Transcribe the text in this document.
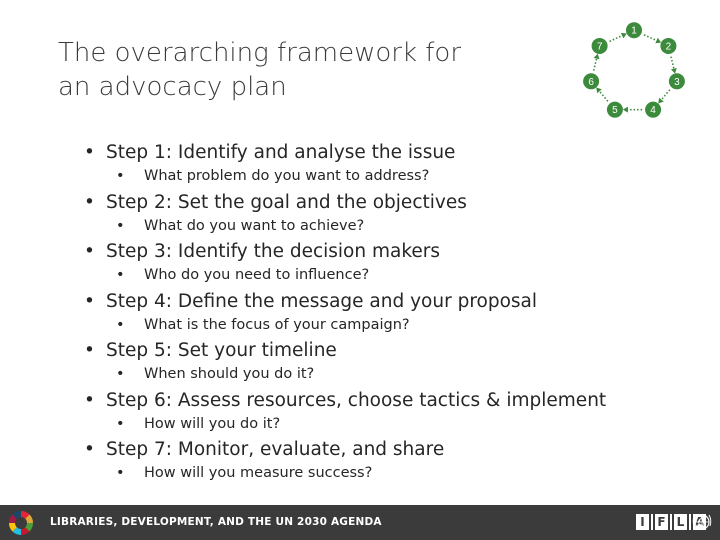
The overarching framework for
an advocacy plan
1
2
3
4
5
6
7
• Step 1: Identify and analyse the issue
• What problem do you want to address?
• Step 2: Set the goal and the objectives
• What do you want to achieve?
• Step 3: Identify the decision makers
• Who do you need to influence?
• Step 4: Define the message and your proposal
• What is the focus of your campaign?
• Step 5: Set your timeline
• When should you do it?
• Step 6: Assess resources, choose tactics & implement
• How will you do it?
• Step 7: Monitor, evaluate, and share
• How will you measure success?
LIBRARIES, DEVELOPMENT, AND THE UN 2030 AGENDA	I	F L A
